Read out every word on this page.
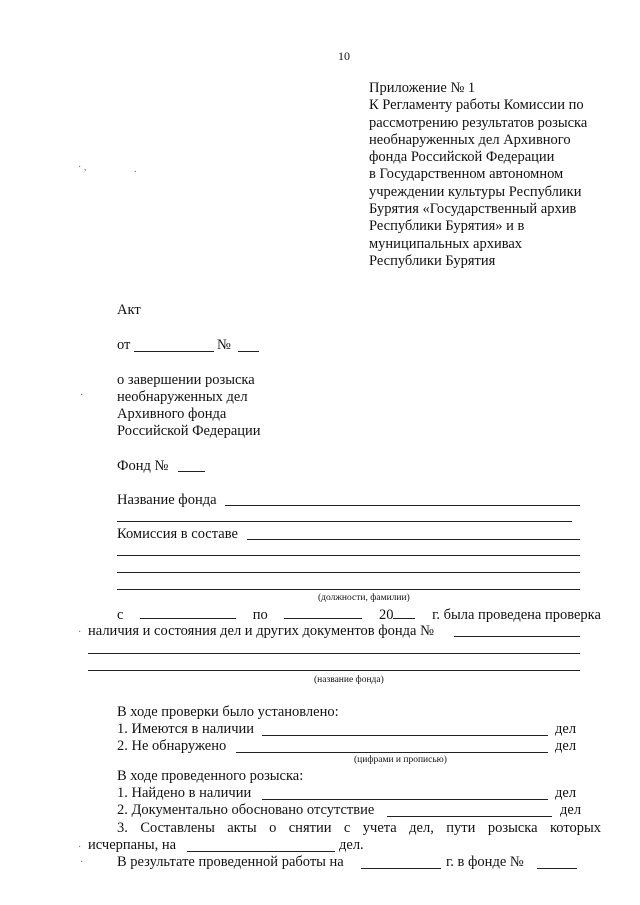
10
Приложение № 1
К Регламенту работы Комиссии по
рассмотрению результатов розыска
необнаруженных дел Архивного
фонда Российской Федерации
в Государственном автономном
учреждении культуры Республики
Бурятия «Государственный архив
Республики Бурятия» и в
муниципальных архивах
Республики Бурятия
· ,	.
·
·
·
·
Акт
от	№
о завершении розыска
необнаруженных дел
Архивного фонда
Российской Федерации
Фонд №
Название фонда
Комиссия в составе
(должности, фамилии)
с	по	20	г. была проведена проверка
наличия и состояния дел и других документов фонда №
(название фонда)
В ходе проверки было установлено:
1. Имеются в наличии	дел
2. Не обнаружено	дел
(цифрами и прописью)
В ходе проведенного розыска:
1. Найдено в наличии	дел
2. Документально обосновано отсутствие	дел
3. Составлены акты о снятии с учета дел, пути розыска которых
исчерпаны, на	дел.
В результате проведенной работы на	г. в фонде №
